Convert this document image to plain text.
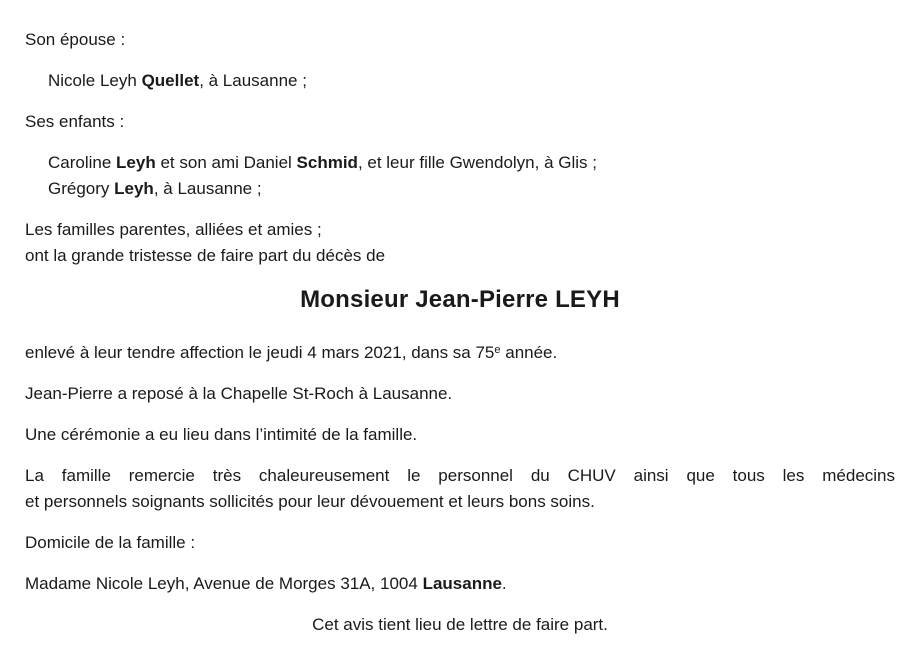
Son épouse :

Nicole Leyh Quellet, à Lausanne ;

Ses enfants :

Caroline Leyh et son ami Daniel Schmid, et leur fille Gwendolyn, à Glis ;

Grégory Leyh, à Lausanne ;

Les familles parentes, alliées et amies ;

ont la grande tristesse de faire part du décès de

Monsieur Jean-Pierre LEYH

enlevé à leur tendre affection le jeudi 4 mars 2021, dans sa 75e année.

Jean-Pierre a reposé à la Chapelle St-Roch à Lausanne.

Une cérémonie a eu lieu dans l’intimité de la famille.

La famille remercie très chaleureusement le personnel du CHUV ainsi que tous les médecins

et personnels soignants sollicités pour leur dévouement et leurs bons soins.

Domicile de la famille :

Madame Nicole Leyh, Avenue de Morges 31A, 1004 Lausanne.

Cet avis tient lieu de lettre de faire part.
